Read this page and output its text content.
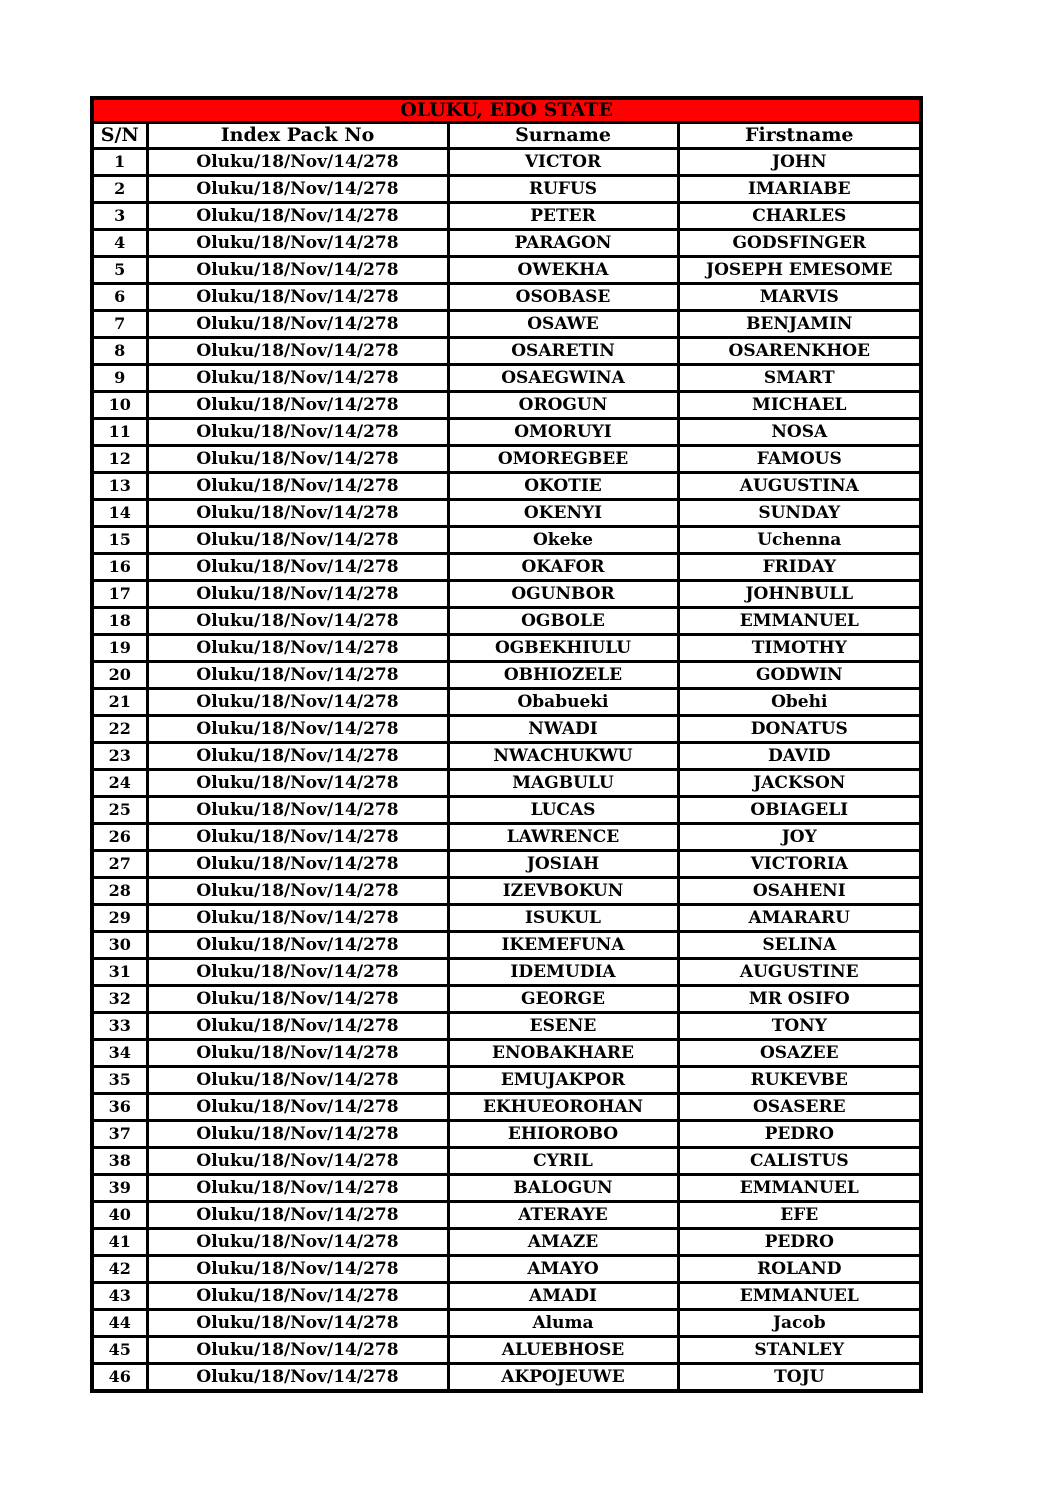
OLUKU, EDO STATE			
S/N	Index Pack No	Surname	Firstname
1	Oluku/18/Nov/14/278	VICTOR	JOHN
2	Oluku/18/Nov/14/278	RUFUS	IMARIABE
3	Oluku/18/Nov/14/278	PETER	CHARLES
4	Oluku/18/Nov/14/278	PARAGON	GODSFINGER
5	Oluku/18/Nov/14/278	OWEKHA	JOSEPH EMESOME
6	Oluku/18/Nov/14/278	OSOBASE	MARVIS
7	Oluku/18/Nov/14/278	OSAWE	BENJAMIN
8	Oluku/18/Nov/14/278	OSARETIN	OSARENKHOE
9	Oluku/18/Nov/14/278	OSAEGWINA	SMART
10	Oluku/18/Nov/14/278	OROGUN	MICHAEL
11	Oluku/18/Nov/14/278	OMORUYI	NOSA
12	Oluku/18/Nov/14/278	OMOREGBEE	FAMOUS
13	Oluku/18/Nov/14/278	OKOTIE	AUGUSTINA
14	Oluku/18/Nov/14/278	OKENYI	SUNDAY
15	Oluku/18/Nov/14/278	Okeke	Uchenna
16	Oluku/18/Nov/14/278	OKAFOR	FRIDAY
17	Oluku/18/Nov/14/278	OGUNBOR	JOHNBULL
18	Oluku/18/Nov/14/278	OGBOLE	EMMANUEL
19	Oluku/18/Nov/14/278	OGBEKHIULU	TIMOTHY
20	Oluku/18/Nov/14/278	OBHIOZELE	GODWIN
21	Oluku/18/Nov/14/278	Obabueki	Obehi
22	Oluku/18/Nov/14/278	NWADI	DONATUS
23	Oluku/18/Nov/14/278	NWACHUKWU	DAVID
24	Oluku/18/Nov/14/278	MAGBULU	JACKSON
25	Oluku/18/Nov/14/278	LUCAS	OBIAGELI
26	Oluku/18/Nov/14/278	LAWRENCE	JOY
27	Oluku/18/Nov/14/278	JOSIAH	VICTORIA
28	Oluku/18/Nov/14/278	IZEVBOKUN	OSAHENI
29	Oluku/18/Nov/14/278	ISUKUL	AMARARU
30	Oluku/18/Nov/14/278	IKEMEFUNA	SELINA
31	Oluku/18/Nov/14/278	IDEMUDIA	AUGUSTINE
32	Oluku/18/Nov/14/278	GEORGE	MR OSIFO
33	Oluku/18/Nov/14/278	ESENE	TONY
34	Oluku/18/Nov/14/278	ENOBAKHARE	OSAZEE
35	Oluku/18/Nov/14/278	EMUJAKPOR	RUKEVBE
36	Oluku/18/Nov/14/278	EKHUEOROHAN	OSASERE
37	Oluku/18/Nov/14/278	EHIOROBO	PEDRO
38	Oluku/18/Nov/14/278	CYRIL	CALISTUS
39	Oluku/18/Nov/14/278	BALOGUN	EMMANUEL
40	Oluku/18/Nov/14/278	ATERAYE	EFE
41	Oluku/18/Nov/14/278	AMAZE	PEDRO
42	Oluku/18/Nov/14/278	AMAYO	ROLAND
43	Oluku/18/Nov/14/278	AMADI	EMMANUEL
44	Oluku/18/Nov/14/278	Aluma	Jacob
45	Oluku/18/Nov/14/278	ALUEBHOSE	STANLEY
46	Oluku/18/Nov/14/278	AKPOJEUWE	TOJU
